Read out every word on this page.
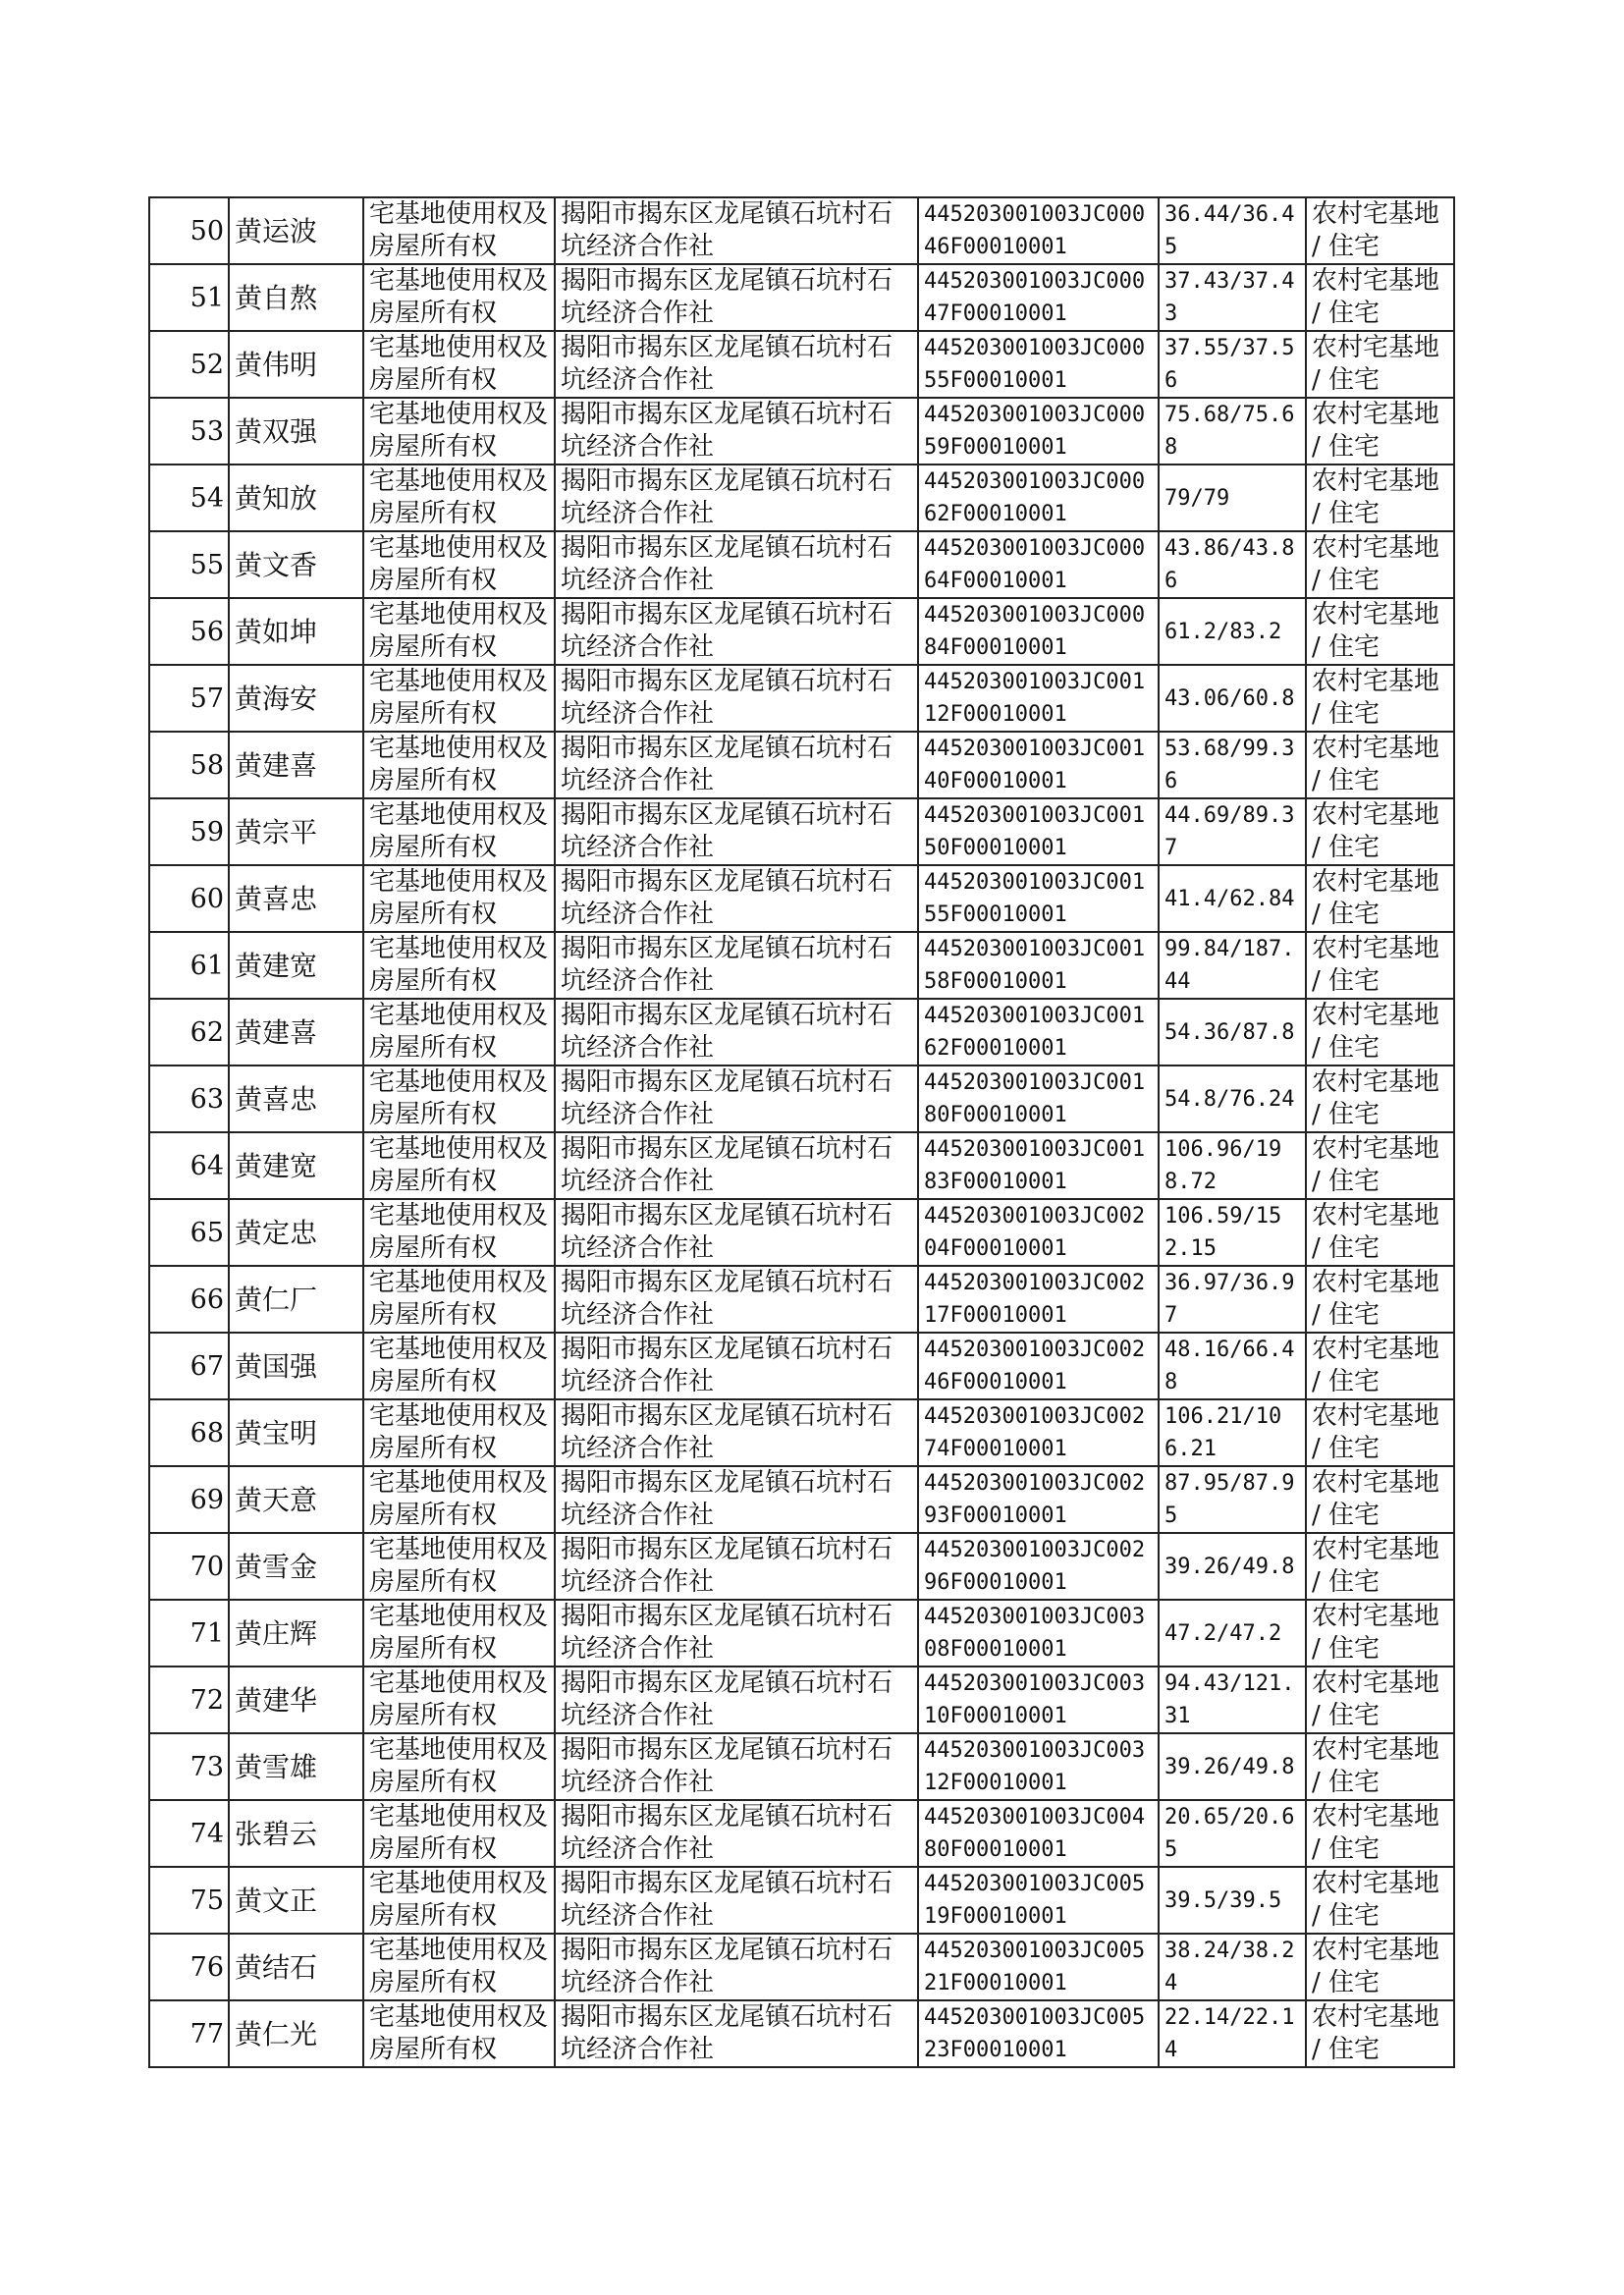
50	黄运波	宅基地使用权及房屋所有权	揭阳市揭东区龙尾镇石坑村石坑经济合作社	445203001003JC00046F00010001	36.44/36.45	农村宅基地 / 住宅

51	黄自熬	宅基地使用权及房屋所有权	揭阳市揭东区龙尾镇石坑村石坑经济合作社	445203001003JC00047F00010001	37.43/37.43	农村宅基地 / 住宅

52	黄伟明	宅基地使用权及房屋所有权	揭阳市揭东区龙尾镇石坑村石坑经济合作社	445203001003JC00055F00010001	37.55/37.56	农村宅基地 / 住宅

53	黄双强	宅基地使用权及房屋所有权	揭阳市揭东区龙尾镇石坑村石坑经济合作社	445203001003JC00059F00010001	75.68/75.68	农村宅基地 / 住宅

54	黄知放	宅基地使用权及房屋所有权	揭阳市揭东区龙尾镇石坑村石坑经济合作社	445203001003JC00062F00010001	79/79	农村宅基地 / 住宅

55	黄文香	宅基地使用权及房屋所有权	揭阳市揭东区龙尾镇石坑村石坑经济合作社	445203001003JC00064F00010001	43.86/43.86	农村宅基地 / 住宅

56	黄如坤	宅基地使用权及房屋所有权	揭阳市揭东区龙尾镇石坑村石坑经济合作社	445203001003JC00084F00010001	61.2/83.2	农村宅基地 / 住宅

57	黄海安	宅基地使用权及房屋所有权	揭阳市揭东区龙尾镇石坑村石坑经济合作社	445203001003JC00112F00010001	43.06/60.8	农村宅基地 / 住宅

58	黄建喜	宅基地使用权及房屋所有权	揭阳市揭东区龙尾镇石坑村石坑经济合作社	445203001003JC00140F00010001	53.68/99.36	农村宅基地 / 住宅

59	黄宗平	宅基地使用权及房屋所有权	揭阳市揭东区龙尾镇石坑村石坑经济合作社	445203001003JC00150F00010001	44.69/89.37	农村宅基地 / 住宅

60	黄喜忠	宅基地使用权及房屋所有权	揭阳市揭东区龙尾镇石坑村石坑经济合作社	445203001003JC00155F00010001	41.4/62.84	农村宅基地 / 住宅

61	黄建宽	宅基地使用权及房屋所有权	揭阳市揭东区龙尾镇石坑村石坑经济合作社	445203001003JC00158F00010001	99.84/187.44	农村宅基地 / 住宅

62	黄建喜	宅基地使用权及房屋所有权	揭阳市揭东区龙尾镇石坑村石坑经济合作社	445203001003JC00162F00010001	54.36/87.8	农村宅基地 / 住宅

63	黄喜忠	宅基地使用权及房屋所有权	揭阳市揭东区龙尾镇石坑村石坑经济合作社	445203001003JC00180F00010001	54.8/76.24	农村宅基地 / 住宅

64	黄建宽	宅基地使用权及房屋所有权	揭阳市揭东区龙尾镇石坑村石坑经济合作社	445203001003JC00183F00010001	106.96/198.72	农村宅基地 / 住宅

65	黄定忠	宅基地使用权及房屋所有权	揭阳市揭东区龙尾镇石坑村石坑经济合作社	445203001003JC00204F00010001	106.59/152.15	农村宅基地 / 住宅

66	黄仁厂	宅基地使用权及房屋所有权	揭阳市揭东区龙尾镇石坑村石坑经济合作社	445203001003JC00217F00010001	36.97/36.97	农村宅基地 / 住宅

67	黄国强	宅基地使用权及房屋所有权	揭阳市揭东区龙尾镇石坑村石坑经济合作社	445203001003JC00246F00010001	48.16/66.48	农村宅基地 / 住宅

68	黄宝明	宅基地使用权及房屋所有权	揭阳市揭东区龙尾镇石坑村石坑经济合作社	445203001003JC00274F00010001	106.21/106.21	农村宅基地 / 住宅

69	黄天意	宅基地使用权及房屋所有权	揭阳市揭东区龙尾镇石坑村石坑经济合作社	445203001003JC00293F00010001	87.95/87.95	农村宅基地 / 住宅

70	黄雪金	宅基地使用权及房屋所有权	揭阳市揭东区龙尾镇石坑村石坑经济合作社	445203001003JC00296F00010001	39.26/49.8	农村宅基地 / 住宅

71	黄庄辉	宅基地使用权及房屋所有权	揭阳市揭东区龙尾镇石坑村石坑经济合作社	445203001003JC00308F00010001	47.2/47.2	农村宅基地 / 住宅

72	黄建华	宅基地使用权及房屋所有权	揭阳市揭东区龙尾镇石坑村石坑经济合作社	445203001003JC00310F00010001	94.43/121.31	农村宅基地 / 住宅

73	黄雪雄	宅基地使用权及房屋所有权	揭阳市揭东区龙尾镇石坑村石坑经济合作社	445203001003JC00312F00010001	39.26/49.8	农村宅基地 / 住宅

74	张碧云	宅基地使用权及房屋所有权	揭阳市揭东区龙尾镇石坑村石坑经济合作社	445203001003JC00480F00010001	20.65/20.65	农村宅基地 / 住宅

75	黄文正	宅基地使用权及房屋所有权	揭阳市揭东区龙尾镇石坑村石坑经济合作社	445203001003JC00519F00010001	39.5/39.5	农村宅基地 / 住宅

76	黄结石	宅基地使用权及房屋所有权	揭阳市揭东区龙尾镇石坑村石坑经济合作社	445203001003JC00521F00010001	38.24/38.24	农村宅基地 / 住宅

77	黄仁光	宅基地使用权及房屋所有权	揭阳市揭东区龙尾镇石坑村石坑经济合作社	445203001003JC00523F00010001	22.14/22.14	农村宅基地 / 住宅
